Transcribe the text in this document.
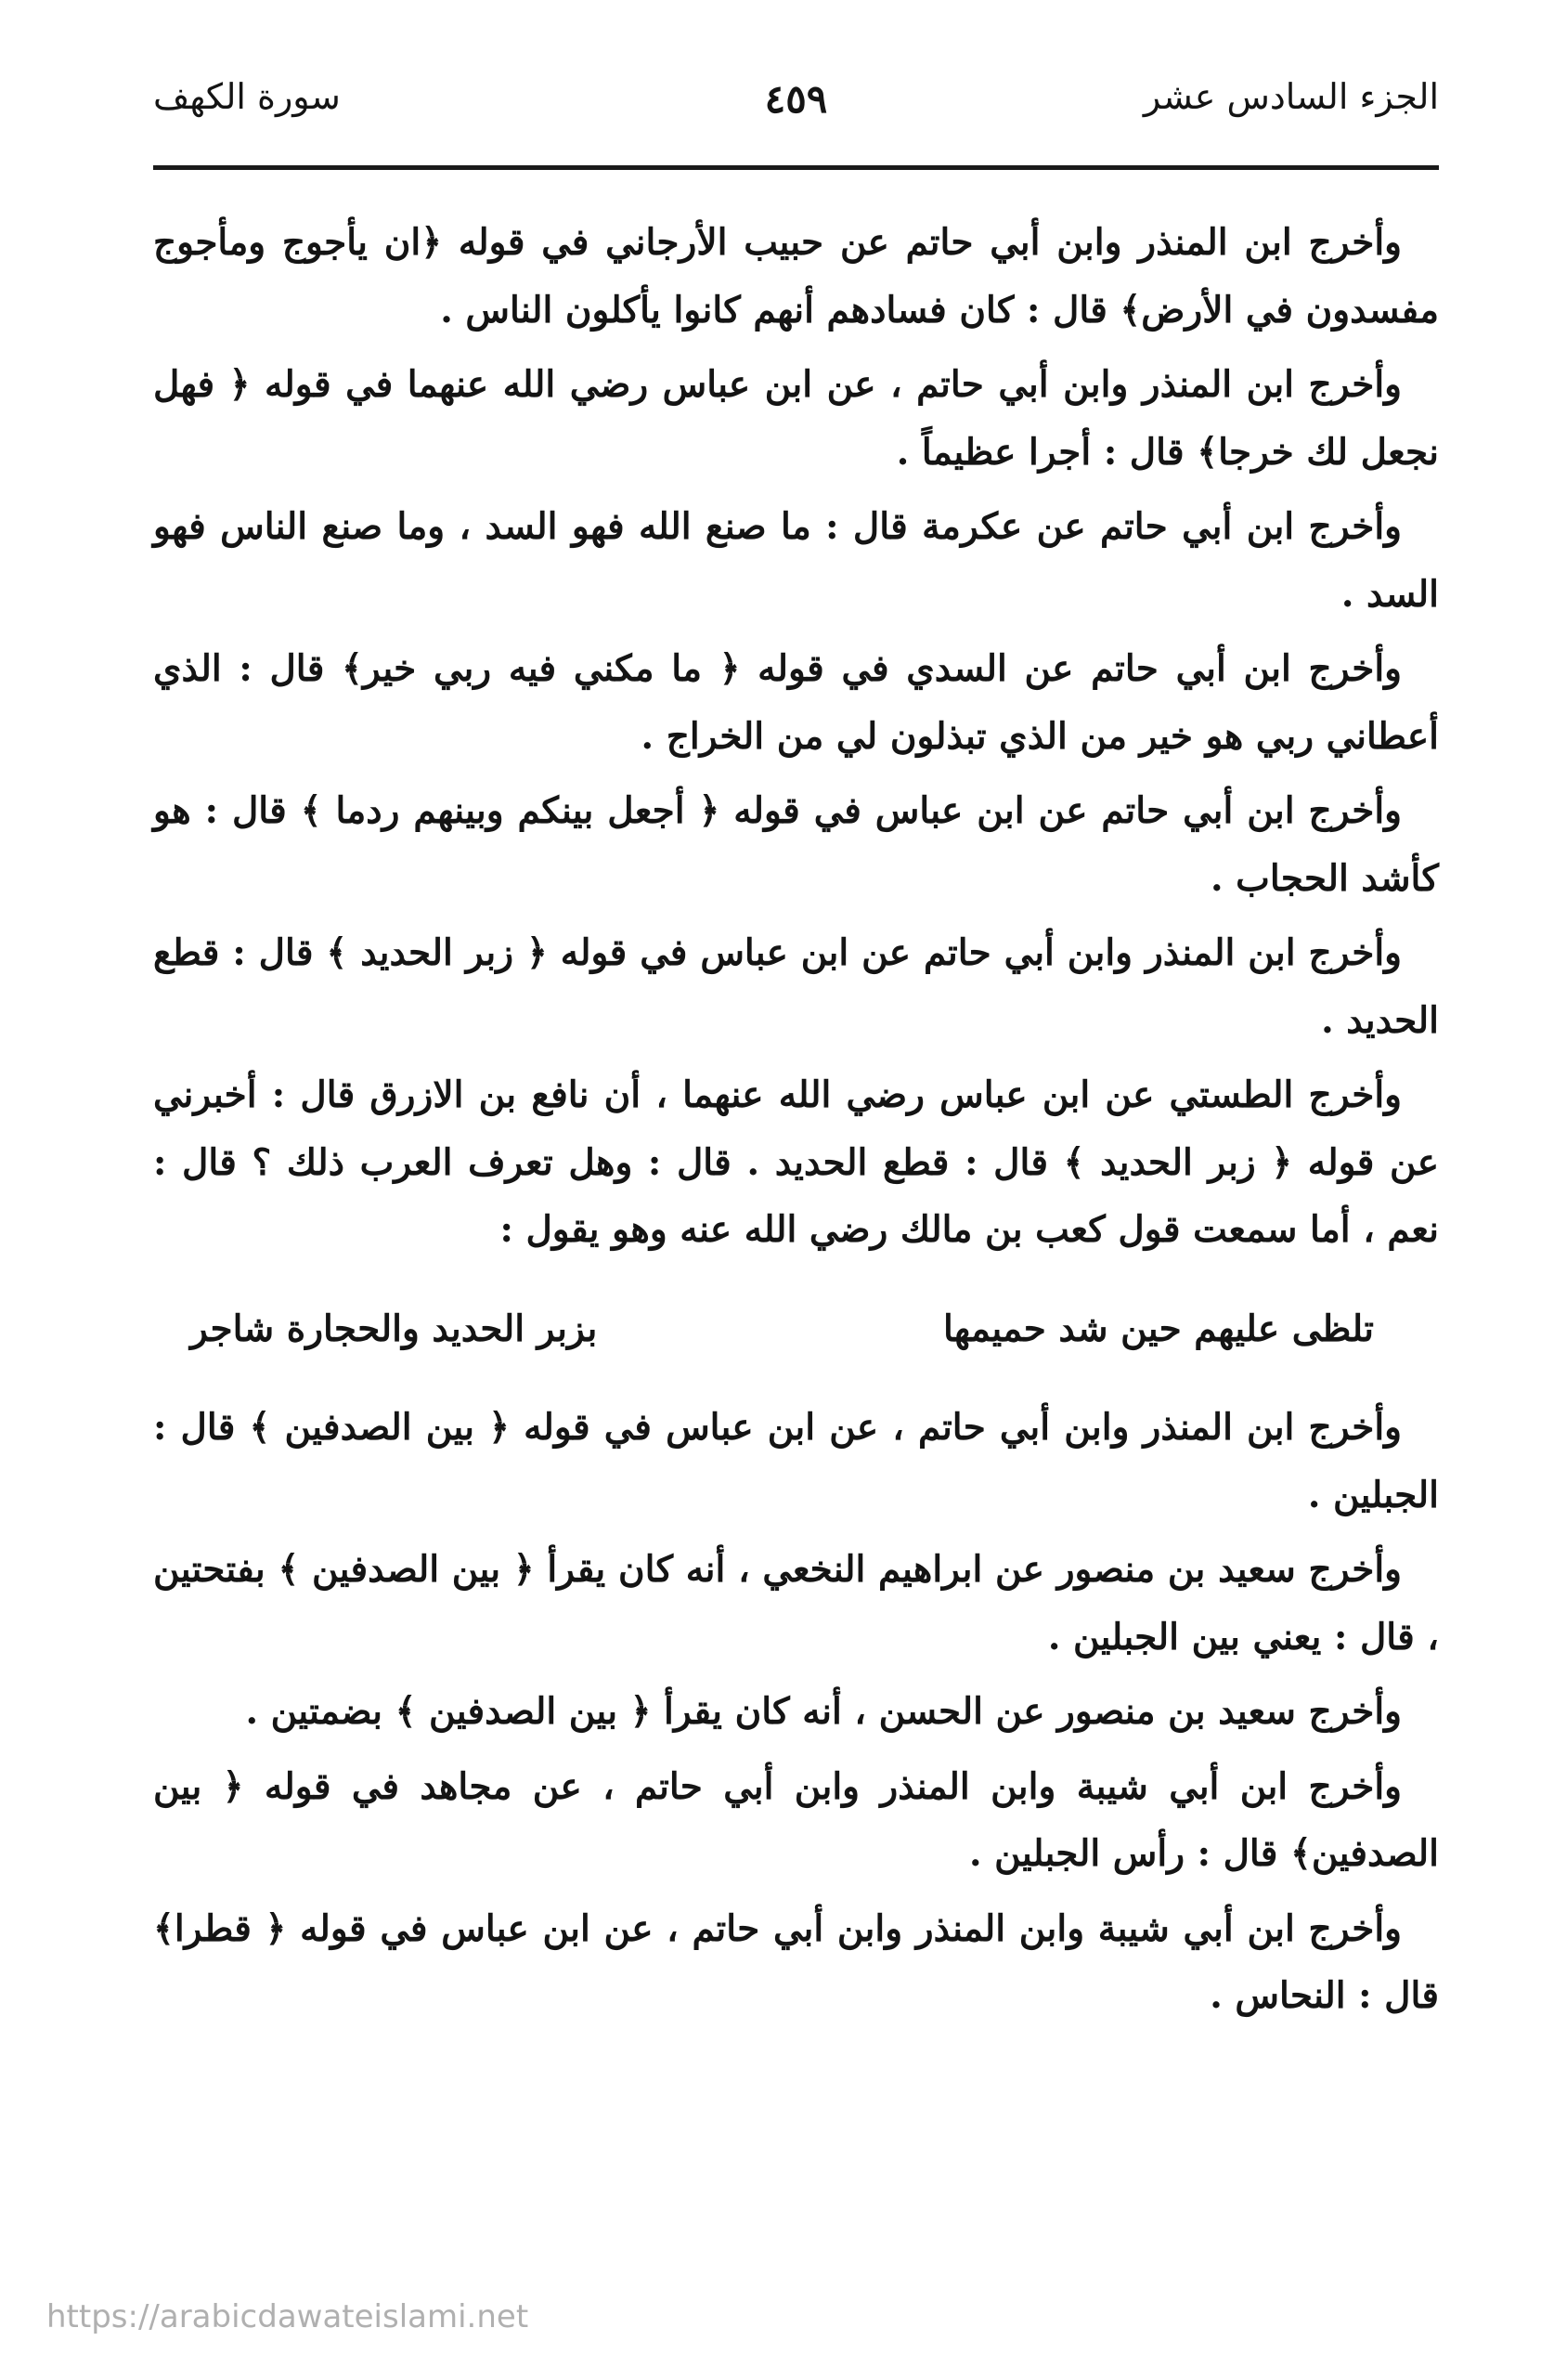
الجزء السادس عشر
٤٥٩
سورة الكهف

وأخرج ابن المنذر وابن أبي حاتم عن حبيب الأرجاني في قوله ﴿ان يأجوج ومأجوج مفسدون في الأرض﴾ قال : كان فسادهم أنهم كانوا يأكلون الناس .

وأخرج ابن المنذر وابن أبي حاتم ، عن ابن عباس رضي الله عنهما في قوله ﴿ فهل نجعل لك خرجا﴾ قال : أجرا عظيماً .

وأخرج ابن أبي حاتم عن عكرمة قال : ما صنع الله فهو السد ، وما صنع الناس فهو السد .

وأخرج ابن أبي حاتم عن السدي في قوله ﴿ ما مكني فيه ربي خير﴾ قال : الذي أعطاني ربي هو خير من الذي تبذلون لي من الخراج .

وأخرج ابن أبي حاتم عن ابن عباس في قوله ﴿ أجعل بينكم وبينهم ردما ﴾ قال : هو كأشد الحجاب .

وأخرج ابن المنذر وابن أبي حاتم عن ابن عباس في قوله ﴿ زبر الحديد ﴾ قال : قطع الحديد .

وأخرج الطستي عن ابن عباس رضي الله عنهما ، أن نافع بن الازرق قال : أخبرني عن قوله ﴿ زبر الحديد ﴾ قال : قطع الحديد . قال : وهل تعرف العرب ذلك ؟ قال : نعم ، أما سمعت قول كعب بن مالك رضي الله عنه وهو يقول :

تلظى عليهم حين شد حميمها
بزبر الحديد والحجارة شاجر

وأخرج ابن المنذر وابن أبي حاتم ، عن ابن عباس في قوله ﴿ بين الصدفين ﴾ قال : الجبلين .

وأخرج سعيد بن منصور عن ابراهيم النخعي ، أنه كان يقرأ ﴿ بين الصدفين ﴾ بفتحتين ، قال : يعني بين الجبلين .

وأخرج سعيد بن منصور عن الحسن ، أنه كان يقرأ ﴿ بين الصدفين ﴾ بضمتين .

وأخرج ابن أبي شيبة وابن المنذر وابن أبي حاتم ، عن مجاهد في قوله ﴿ بين الصدفين﴾ قال : رأس الجبلين .

وأخرج ابن أبي شيبة وابن المنذر وابن أبي حاتم ، عن ابن عباس في قوله ﴿ قطرا﴾ قال : النحاس .

https://arabicdawateislami.net
